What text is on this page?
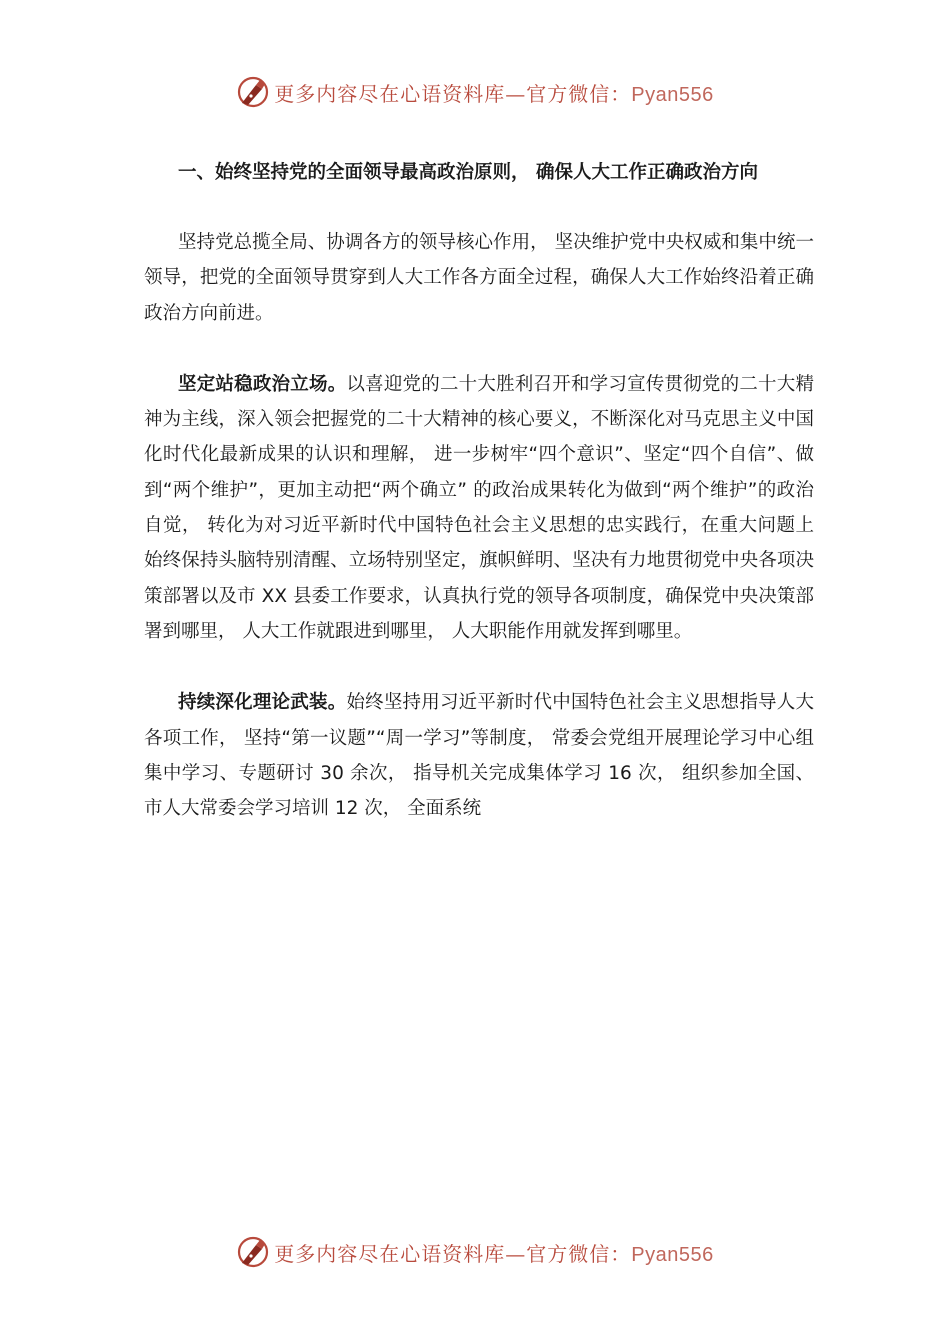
更多内容尽在心语资料库—官方微信：Pyan556
一、始终坚持党的全面领导最高政治原则， 确保人大工作正确政治方向

坚持党总揽全局、协调各方的领导核心作用， 坚决维护党中央权威和集中统一领导，把党的全面领导贯穿到人大工作各方面全过程，确保人大工作始终沿着正确政治方向前进。

坚定站稳政治立场。以喜迎党的二十大胜利召开和学习宣传贯彻党的二十大精神为主线，深入领会把握党的二十大精神的核心要义，不断深化对马克思主义中国化时代化最新成果的认识和理解， 进一步树牢“四个意识”、坚定“四个自信”、做到“两个维护”，更加主动把“两个确立” 的政治成果转化为做到“两个维护”的政治自觉， 转化为对习近平新时代中国特色社会主义思想的忠实践行，在重大问题上始终保持头脑特别清醒、立场特别坚定，旗帜鲜明、坚决有力地贯彻党中央各项决策部署以及市 XX 县委工作要求，认真执行党的领导各项制度，确保党中央决策部署到哪里， 人大工作就跟进到哪里， 人大职能作用就发挥到哪里。

持续深化理论武装。始终坚持用习近平新时代中国特色社会主义思想指导人大各项工作， 坚持“第一议题”“周一学习”等制度， 常委会党组开展理论学习中心组集中学习、专题研讨 30 余次， 指导机关完成集体学习 16 次， 组织参加全国、市人大常委会学习培训 12 次， 全面系统

更多内容尽在心语资料库—官方微信：Pyan556
